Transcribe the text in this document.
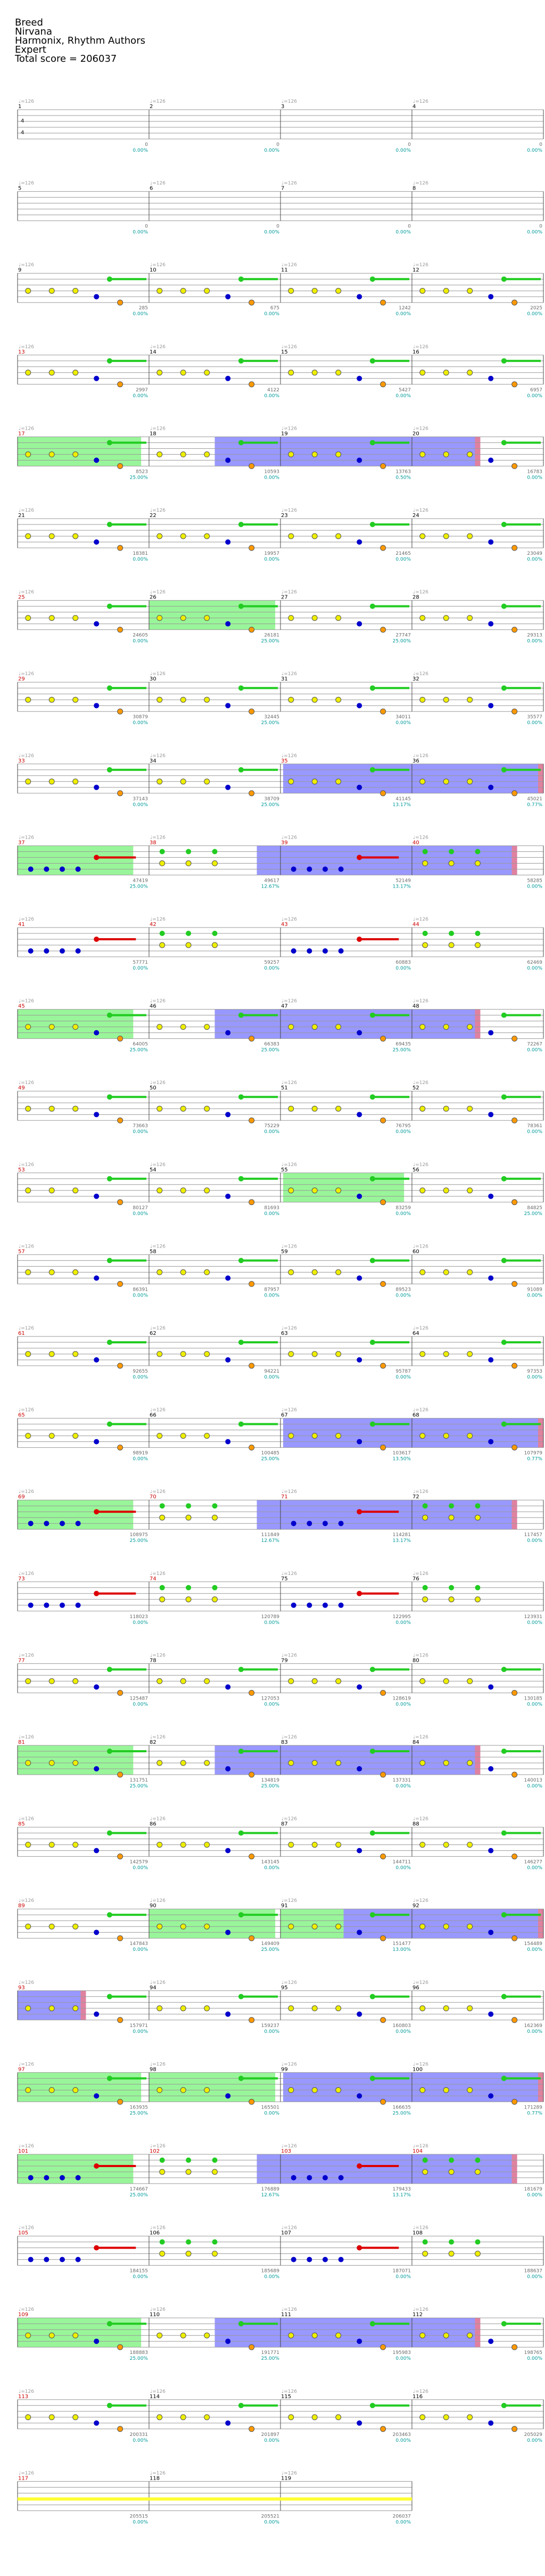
Breed
Nirvana
Harmonix, Rhythm Authors
Expert
Total score = 206037
♩=126	♩=126	♩=126	♩=126
1
0
0.00%
2
0
0.00%
3
0
0.00%
4
0
0.00%
4
4
♩=126	♩=126	♩=126	♩=126
5
0
0.00%
6
0
0.00%
7
0
0.00%
8
0
0.00%
♩=126	♩=126	♩=126	♩=126
9
285
0.00%
10
675
0.00%
11
1242
0.00%
12
2025
0.00%
♩=126	♩=126	♩=126	♩=126
13
2997
0.00%
14
4122
0.00%
15
5427
0.00%
16
6957
0.00%
♩=126	♩=126	♩=126	♩=126
17
8523
25.00%
18
10593
0.00%
19
13763
0.50%
20
16783
0.00%
♩=126	♩=126	♩=126	♩=126
21
18381
0.00%
22
19957
0.00%
23
21465
0.00%
24
23049
0.00%
♩=126	♩=126	♩=126	♩=126
25
24605
0.00%
26
26181
25.00%
27
27747
25.00%
28
29313
0.00%
♩=126	♩=126	♩=126	♩=126
29
30879
0.00%
30
32445
25.00%
31
34011
0.00%
32
35577
0.00%
♩=126	♩=126	♩=126	♩=126
33
37143
0.00%
34
38709
25.00%
35
41145
13.17%
36
45021
0.77%
♩=126	♩=126	♩=126	♩=126
37
47419
25.00%
38
49617
12.67%
39
52149
13.17%
40
58285
0.00%
♩=126	♩=126	♩=126	♩=126
41
57771
0.00%
42
59257
0.00%
43
60883
0.00%
44
62469
0.00%
♩=126	♩=126	♩=126	♩=126
45
64005
25.00%
46
66383
25.00%
47
69435
25.00%
48
72267
0.00%
♩=126	♩=126	♩=126	♩=126
49
73663
0.00%
50
75229
0.00%
51
76795
0.00%
52
78361
0.00%
♩=126	♩=126	♩=126	♩=126
53
80127
0.00%
54
81693
0.00%
55
83259
0.00%
56
84825
25.00%
♩=126	♩=126	♩=126	♩=126
57
86391
0.00%
58
87957
0.00%
59
89523
0.00%
60
91089
0.00%
♩=126	♩=126	♩=126	♩=126
61
92655
0.00%
62
94221
0.00%
63
95787
0.00%
64
97353
0.00%
♩=126	♩=126	♩=126	♩=126
65
98919
0.00%
66
100485
25.00%
67
103617
13.50%
68
107979
0.77%
♩=126	♩=126	♩=126	♩=126
69
108975
25.00%
70
111849
12.67%
71
114281
13.17%
72
117457
0.00%
♩=126	♩=126	♩=126	♩=126
73
118023
0.00%
74
120789
0.00%
75
122995
0.00%
76
123931
0.00%
♩=126	♩=126	♩=126	♩=126
77
125487
0.00%
78
127053
0.00%
79
128619
0.00%
80
130185
0.00%
♩=126	♩=126	♩=126	♩=126
81
131751
25.00%
82
134819
25.00%
83
137331
0.00%
84
140013
0.00%
♩=126	♩=126	♩=126	♩=126
85
142579
0.00%
86
143145
0.00%
87
144711
0.00%
88
146277
0.00%
♩=126	♩=126	♩=126	♩=126
89
147843
0.00%
90
149409
25.00%
91
151477
13.00%
92
154489
0.00%
♩=126	♩=126	♩=126	♩=126
93
157971
0.00%
94
159237
0.00%
95
160803
0.00%
96
162369
0.00%
♩=126	♩=126	♩=126	♩=126
97
163935
25.00%
98
165501
0.00%
99
166635
25.00%
100
171289
0.77%
♩=126	♩=126	♩=126	♩=126
101
174667
25.00%
102
176889
12.67%
103
179433
13.17%
104
181679
0.00%
♩=126	♩=126	♩=126	♩=126
105
184155
0.00%
106
185689
0.00%
107
187071
0.00%
108
188637
0.00%
♩=126	♩=126	♩=126	♩=126
109
188883
25.00%
110
191771
25.00%
111
195983
0.00%
112
198765
0.00%
♩=126	♩=126	♩=126	♩=126
113
200331
0.00%
114
201897
0.00%
115
203463
0.00%
116
205029
0.00%
♩=126	♩=126	♩=126
117
205515
0.00%
118
205521
0.00%
119
206037
0.00%
